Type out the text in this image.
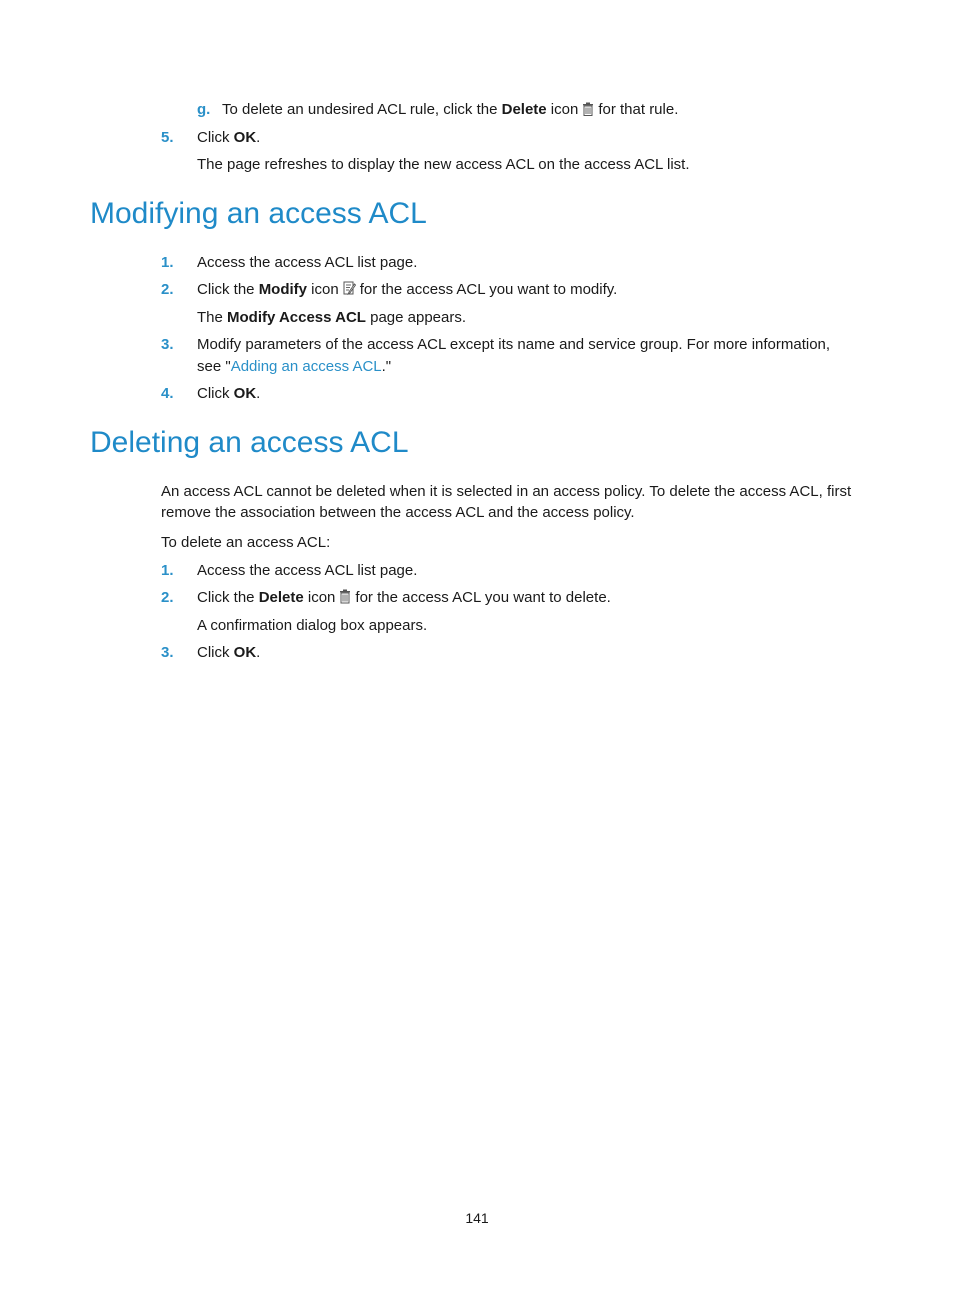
g. To delete an undesired ACL rule, click the Delete icon for that rule.
5. Click OK.
The page refreshes to display the new access ACL on the access ACL list.
Modifying an access ACL
1. Access the access ACL list page.
2. Click the Modify icon for the access ACL you want to modify.
The Modify Access ACL page appears.
3. Modify parameters of the access ACL except its name and service group. For more information,
see "Adding an access ACL."
4. Click OK.
Deleting an access ACL
An access ACL cannot be deleted when it is selected in an access policy. To delete the access ACL, first
remove the association between the access ACL and the access policy.
To delete an access ACL:
1. Access the access ACL list page.
2. Click the Delete icon for the access ACL you want to delete.
A confirmation dialog box appears.
3. Click OK.
141
